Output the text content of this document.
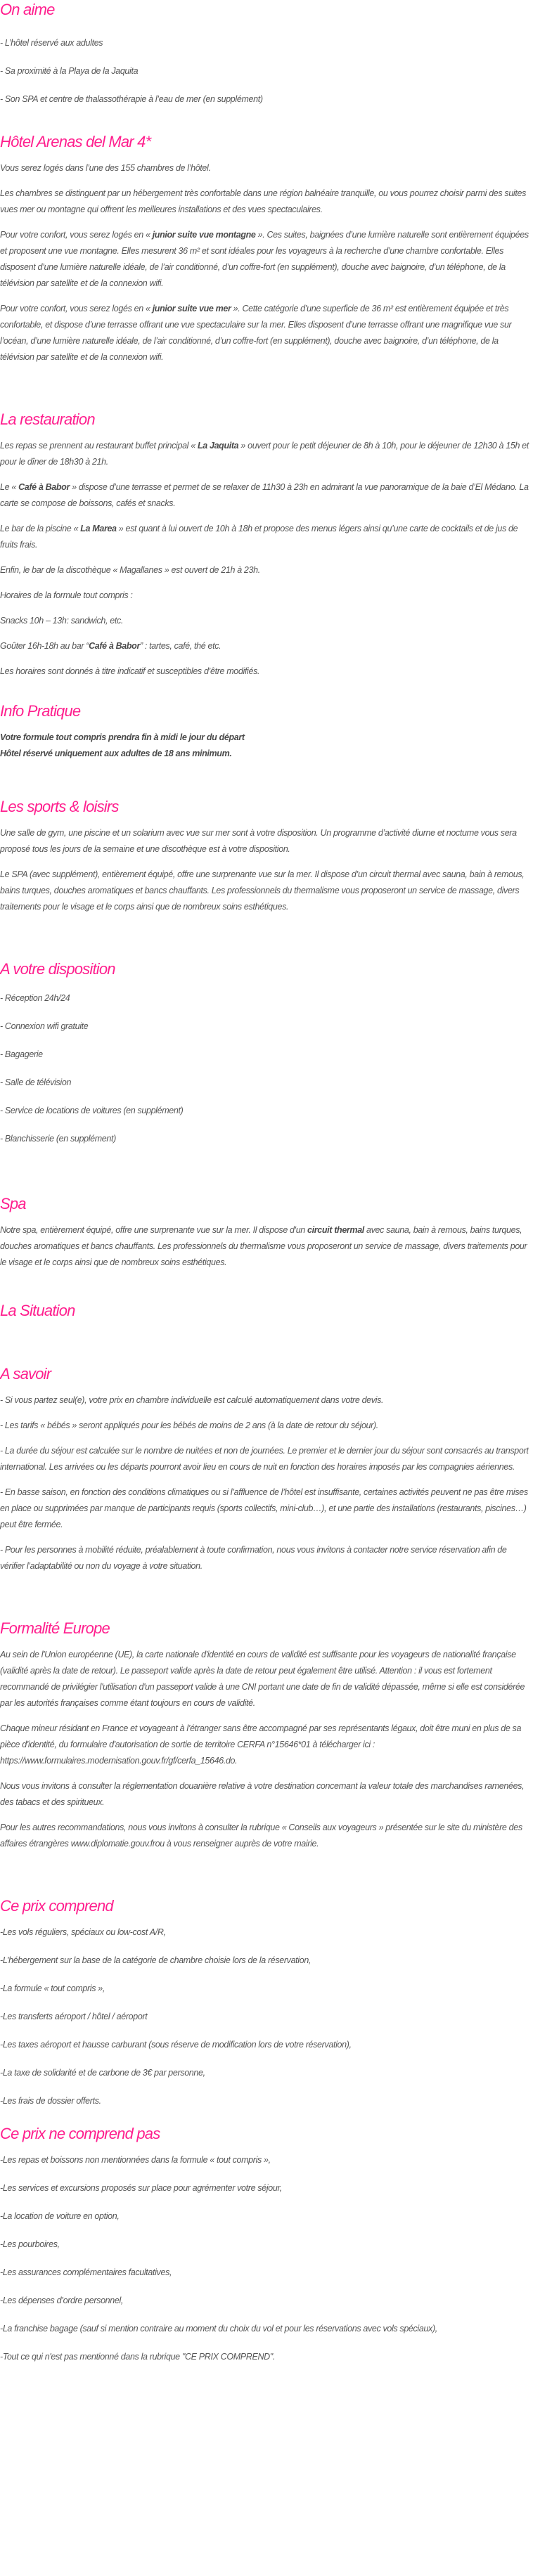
On aime

- L’hôtel réservé aux adultes

- Sa proximité à la Playa de la Jaquita

- Son SPA et centre de thalassothérapie à l’eau de mer (en supplément)

Hôtel Arenas del Mar 4*

Vous serez logés dans l’une des 155 chambres de l’hôtel.

Les chambres se distinguent par un hébergement très confortable dans une région balnéaire tranquille, ou vous pourrez choisir parmi des suites vues mer ou montagne qui offrent les meilleures installations et des vues spectaculaires.

Pour votre confort, vous serez logés en « junior suite vue montagne ». Ces suites, baignées d’une lumière naturelle sont entièrement équipées et proposent une vue montagne. Elles mesurent 36 m² et sont idéales pour les voyageurs à la recherche d’une chambre confortable. Elles disposent d’une lumière naturelle idéale, de l’air conditionné, d’un coffre-fort (en supplément), douche avec baignoire, d’un téléphone, de la télévision par satellite et de la connexion wifi.

Pour votre confort, vous serez logés en « junior suite vue mer ». Cette catégorie d’une superficie de 36 m² est entièrement équipée et très confortable, et dispose d’une terrasse offrant une vue spectaculaire sur la mer. Elles disposent d’une terrasse offrant une magnifique vue sur l’océan, d’une lumière naturelle idéale, de l’air conditionné, d’un coffre-fort (en supplément), douche avec baignoire, d’un téléphone, de la télévision par satellite et de la connexion wifi.

La restauration

Les repas se prennent au restaurant buffet principal « La Jaquita » ouvert pour le petit déjeuner de 8h à 10h, pour le déjeuner de 12h30 à 15h et pour le dîner de 18h30 à 21h.

Le « Café à Babor » dispose d’une terrasse et permet de se relaxer de 11h30 à 23h en admirant la vue panoramique de la baie d’El Médano. La carte se compose de boissons, cafés et snacks.

Le bar de la piscine « La Marea » est quant à lui ouvert de 10h à 18h et propose des menus légers ainsi qu’une carte de cocktails et de jus de fruits frais.

Enfin, le bar de la discothèque « Magallanes » est ouvert de 21h à 23h.

Horaires de la formule tout compris :

Snacks 10h – 13h: sandwich, etc.

Goûter 16h-18h au bar “Café à Babor” : tartes, café, thé etc.

Les horaires sont donnés à titre indicatif et susceptibles d’être modifiés.

Info Pratique

Votre formule tout compris prendra fin à midi le jour du départ

Hôtel réservé uniquement aux adultes de 18 ans minimum.

Les sports & loisirs

Une salle de gym, une piscine et un solarium avec vue sur mer sont à votre disposition. Un programme d’activité diurne et nocturne vous sera proposé tous les jours de la semaine et une discothèque est à votre disposition.

Le SPA (avec supplément), entièrement équipé, offre une surprenante vue sur la mer. Il dispose d’un circuit thermal avec sauna, bain à remous, bains turques, douches aromatiques et bancs chauffants. Les professionnels du thermalisme vous proposeront un service de massage, divers traitements pour le visage et le corps ainsi que de nombreux soins esthétiques.

A votre disposition

- Réception 24h/24

- Connexion wifi gratuite

- Bagagerie

- Salle de télévision

- Service de locations de voitures (en supplément)

- Blanchisserie (en supplément)

Spa

Notre spa, entièrement équipé, offre une surprenante vue sur la mer. Il dispose d'un circuit thermal avec sauna, bain à remous, bains turques, douches aromatiques et bancs chauffants. Les professionnels du thermalisme vous proposeront un service de massage, divers traitements pour le visage et le corps ainsi que de nombreux soins esthétiques.

La Situation
A savoir

- Si vous partez seul(e), votre prix en chambre individuelle est calculé automatiquement dans votre devis.

- Les tarifs « bébés » seront appliqués pour les bébés de moins de 2 ans (à la date de retour du séjour).

- La durée du séjour est calculée sur le nombre de nuitées et non de journées. Le premier et le dernier jour du séjour sont consacrés au transport international. Les arrivées ou les départs pourront avoir lieu en cours de nuit en fonction des horaires imposés par les compagnies aériennes.

- En basse saison, en fonction des conditions climatiques ou si l’affluence de l’hôtel est insuffisante, certaines activités peuvent ne pas être mises en place ou supprimées par manque de participants requis (sports collectifs, mini-club…), et une partie des installations (restaurants, piscines…) peut être fermée.

- Pour les personnes à mobilité réduite, préalablement à toute confirmation, nous vous invitons à contacter notre service réservation afin de vérifier l’adaptabilité ou non du voyage à votre situation.

Formalité Europe

Au sein de l'Union européenne (UE), la carte nationale d'identité en cours de validité est suffisante pour les voyageurs de nationalité française (validité après la date de retour). Le passeport valide après la date de retour peut également être utilisé. Attention : il vous est fortement recommandé de privilégier l'utilisation d'un passeport valide à une CNI portant une date de fin de validité dépassée, même si elle est considérée par les autorités françaises comme étant toujours en cours de validité.

Chaque mineur résidant en France et voyageant à l’étranger sans être accompagné par ses représentants légaux, doit être muni en plus de sa pièce d'identité, du formulaire d'autorisation de sortie de territoire CERFA n°15646*01 à télécharger ici : https://www.formulaires.modernisation.gouv.fr/gf/cerfa_15646.do.

Nous vous invitons à consulter la réglementation douanière relative à votre destination concernant la valeur totale des marchandises ramenées, des tabacs et des spiritueux.

Pour les autres recommandations, nous vous invitons à consulter la rubrique « Conseils aux voyageurs » présentée sur le site du ministère des affaires étrangères www.diplomatie.gouv.frou à vous renseigner auprès de votre mairie.

Ce prix comprend

-Les vols réguliers, spéciaux ou low-cost A/R,

-L’hébergement sur la base de la catégorie de chambre choisie lors de la réservation,

-La formule « tout compris »,

-Les transferts aéroport / hôtel / aéroport

-Les taxes aéroport et hausse carburant (sous réserve de modification lors de votre réservation),

-La taxe de solidarité et de carbone de 3€ par personne,

-Les frais de dossier offerts.

Ce prix ne comprend pas

-Les repas et boissons non mentionnées dans la formule « tout compris »,

-Les services et excursions proposés sur place pour agrémenter votre séjour,

-La location de voiture en option,

-Les pourboires,

-Les assurances complémentaires facultatives,

-Les dépenses d’ordre personnel,

-La franchise bagage (sauf si mention contraire au moment du choix du vol et pour les réservations avec vols spéciaux),

-Tout ce qui n'est pas mentionné dans la rubrique "CE PRIX COMPREND".
